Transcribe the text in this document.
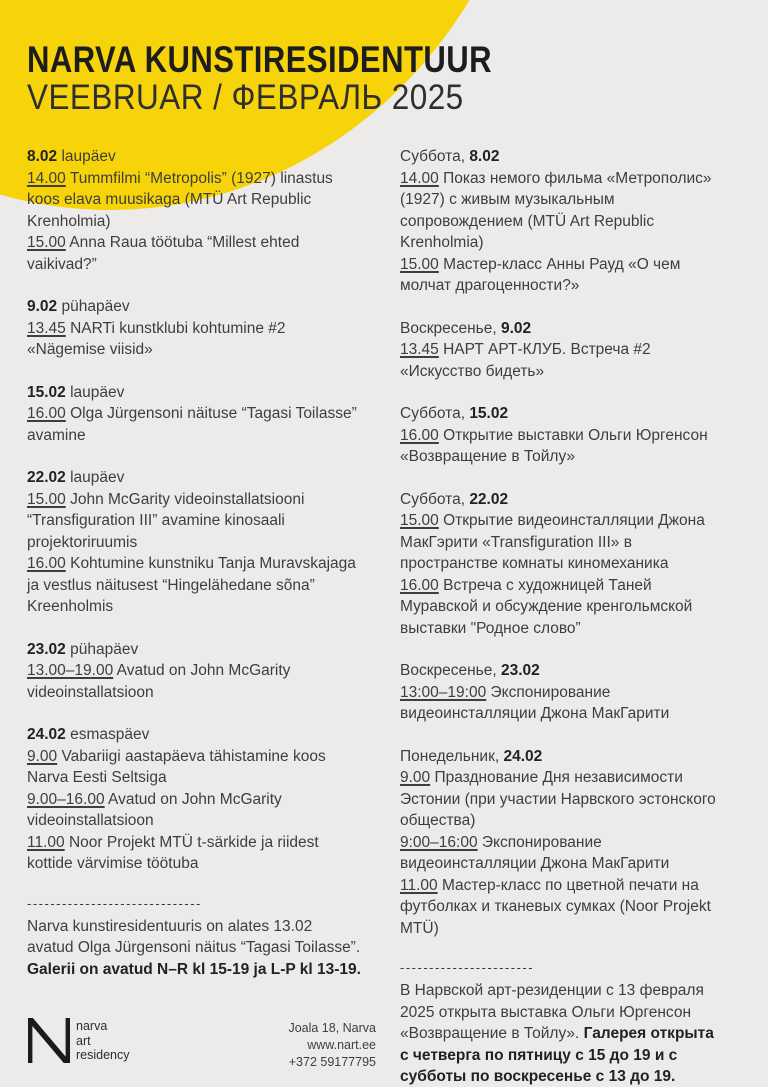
NARVA KUNSTIRESIDENTUUR
VEEBRUAR / ФЕВРАЛЬ 2025
8.02 laupäev
14.00 Tummfilmi “Metropolis” (1927) linastus koos elava muusikaga (MTÜ Art Republic Krenholmia)
15.00 Anna Raua töötuba “Millest ehted vaikivad?”
9.02 pühapäev
13.45 NARTi kunstklubi kohtumine #2 «Nägemise viisid»
15.02 laupäev
16.00 Olga Jürgensoni näituse “Tagasi Toilasse” avamine
22.02 laupäev
15.00 John McGarity videoinstallatsiooni “Transfiguration III” avamine kinosaali projektoriruumis
16.00 Kohtumine kunstniku Tanja Muravskajaga ja vestlus näitusest “Hingelähedane sõna” Kreenholmis
23.02 pühapäev
13.00–19.00 Avatud on John McGarity videoinstallatsioon
24.02 esmaspäev
9.00 Vabariigi aastapäeva tähistamine koos Narva Eesti Seltsiga
9.00–16.00 Avatud on John McGarity videoinstallatsioon
11.00 Noor Projekt MTÜ t-särkide ja riidest kottide värvimise töötuba
------------------------------
Narva kunstiresidentuuris on alates 13.02 avatud Olga Jürgensoni näitus “Tagasi Toilasse”. Galerii on avatud N–R kl 15-19 ja L-P kl 13-19.
Суббота, 8.02
14.00 Показ немого фильма «Метрополис» (1927) с живым музыкальным сопровождением (MTÜ Art Republic Krenholmia)
15.00 Мастер-класс Анны Рауд «О чем молчат драгоценности?»
Воскресенье, 9.02
13.45 НАРТ АРТ-КЛУБ. Встреча #2 «Искусство бидеть»
Суббота, 15.02
16.00 Открытие выставки Ольги Юргенсон «Возвращение в Тойлу»
Суббота, 22.02
15.00 Открытие видеоинсталляции Джона МакГэрити «Transfiguration III» в пространстве комнаты киномеханика
16.00 Встреча с художницей Таней Муравской и обсуждение кренгольмской выставки "Родное слово”
Воскресенье, 23.02
13:00–19:00 Экспонирование видеоинсталляции Джона МакГарити
Понедельник, 24.02
9.00 Празднование Дня независимости Эстонии (при участии Нарвского эстонского общества)
9:00–16:00 Экспонирование видеоинсталляции Джона МакГарити
11.00 Мастер-класс по цветной печати на футболках и тканевых сумках (Noor Projekt MTÜ)
-----------------------
В Нарвской арт-резиденции с 13 февраля 2025 открыта выставка Ольги Юргенсон «Возвращение в Тойлу». Галерея открыта с четверга по пятницу с 15 до 19 и с субботы по воскресенье с 13 до 19.
narva
art
residency
Joala 18, Narva
www.nart.ee
+372 59177795
